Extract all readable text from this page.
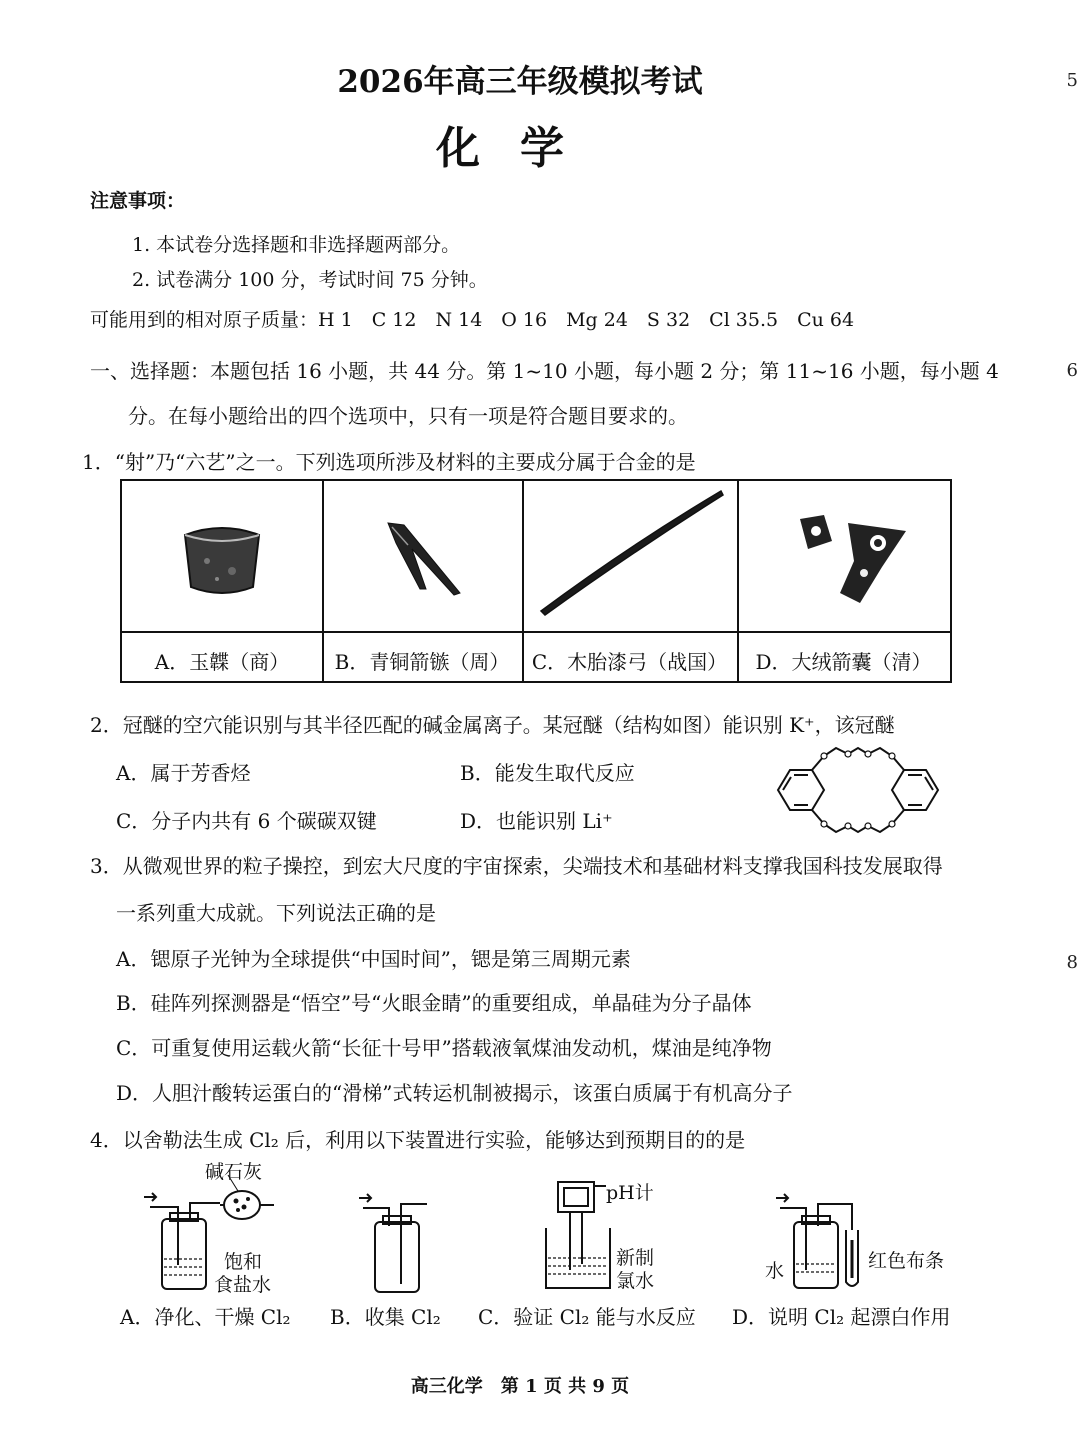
2026年高三年级模拟考试
化学
注意事项：
1. 本试卷分选择题和非选择题两部分。
2. 试卷满分 100 分，考试时间 75 分钟。
可能用到的相对原子质量：H 1　C 12　N 14　O 16　Mg 24　S 32　Cl 35.5　Cu 64
一、选择题：本题包括 16 小题，共 44 分。第 1~10 小题，每小题 2 分；第 11~16 小题，每小题 4
分。在每小题给出的四个选项中，只有一项是符合题目要求的。
1．“射”乃“六艺”之一。下列选项所涉及材料的主要成分属于合金的是
A．玉韘（商）	B．青铜箭镞（周）	C．木胎漆弓（战国）	D．大绒箭囊（清）
2．冠醚的空穴能识别与其半径匹配的碱金属离子。某冠醚（结构如图）能识别 K⁺，该冠醚
A．属于芳香烃	B．能发生取代反应
C．分子内共有 6 个碳碳双键	D．也能识别 Li⁺
3．从微观世界的粒子操控，到宏大尺度的宇宙探索，尖端技术和基础材料支撑我国科技发展取得
一系列重大成就。下列说法正确的是
A．锶原子光钟为全球提供“中国时间”，锶是第三周期元素
B．硅阵列探测器是“悟空”号“火眼金睛”的重要组成，单晶硅为分子晶体
C．可重复使用运载火箭“长征十号甲”搭载液氧煤油发动机，煤油是纯净物
D．人胆汁酸转运蛋白的“滑梯”式转运机制被揭示，该蛋白质属于有机高分子
4．以舍勒法生成 Cl₂ 后，利用以下装置进行实验，能够达到预期目的的是
碱石灰
饱和
食盐水
pH计
新制
氯水	水	红色布条
A．净化、干燥 Cl₂ B．收集 Cl₂ C．验证 Cl₂ 能与水反应 D．说明 Cl₂ 起漂白作用
高三化学　第 1 页 共 9 页
5
6
8
